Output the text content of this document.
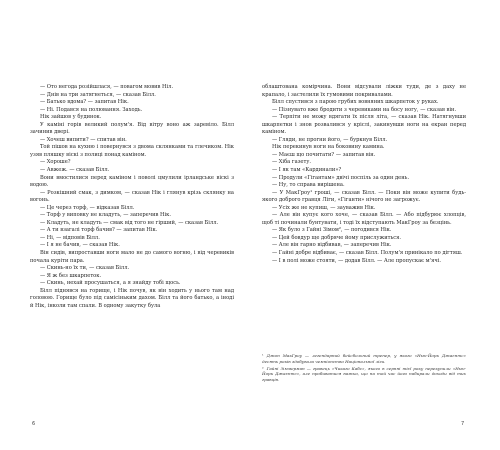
— Ото негода розійшлася, — повагом мовив Ніл.

— Днів на три затягнеться, — сказав Білл.

— Батько вдома? — запитав Нік.

— Ні. Подався на полювання. Заходь.

Нік зайшов у будинок.

У каміні горів великий полум'я. Від вітру воно аж заревіло. Білл зачинив двері.

— Хочеш випити? — спитав він.

Той пішов на кухню і повернувся з двома склянками та глечиком. Нік узяв пляшку віскі з полиці понад каміном.

— Хороше?

— Авжеж. — сказав Білл.

Вони вмостилися перед каміном і поволі цмулили ірландське віскі з водою.

— Розкішний смак, з димком, — сказав Нік і глянув крізь склянку на вогонь.

— Це через торф, — відказав Білл.

— Торф у виповку не кладуть, — заперечив Нік.

— Кладуть, не кладуть — смак від того не гірший, — сказав Білл.

— А ти взагалі торф бачив? — запитав Нік.

— Ні, — відповів Білл.

— І я не бачив, — сказав Нік.

Він сидів, випроставши ноги мало не до самого вогню, і від черевиків почала куріти пара.

— Скинь-но їх ти, — сказав Білл.

— Я ж без шкарпеток.

— Скинь, нехай просушаться, а я знайду тобі щось.

Білл піднявся на горище, і Нік почув, як він ходить у нього там над головою. Горище було під самісіньким дахом. Білл та його батько, а іноді й Нік, інколи там спали. В одному закутку була

облаштована комірчина. Вони відсували ліжки туди, де з даху не крапало, і застелили їх гумовими покривалами.

Білл спустився з парою грубих вовняних шкарпеток у руках.

— Пізнувато вже бродити з черевиками на босу ногу, — сказав він.

— Терпіти не можу вдягати їх після літа, — сказав Нік. Натягнувши шкарпетки і знов розвалився у кріслі, закинувши ноги на екран перед каміном.

— Гляди, не прогни його, — буркнув Білл.

Нік перекинув ноги на боковину камина.

— Маєш що почитати? — запитав він.

— Хіба газету.

— І як там «Кардинали»?

— Продули «Гігантам» двічі поспіль за один день.

— Ну, то справа вирішена.

— У МакГроу¹ гроші, — сказав Білл. — Поки він може купити будь-якого доброго гравця Ліги, «Гіганти» нічого не загрожує.

— Усіх же не купиш, — зауважив Нік.

— Але він купує кого хоче, — сказав Білл. — Або підбурює хлопців, щоб ті починали бунтувати, і тоді їх відступають МакГроу за безцінь.

— Як було з Гайні Зімом², — погодився Нік.

— Цей бовдур ще добряче йому прислужиться.

— Але він гарно відбивав, — заперечив Нік.

— Гайні добре відбиває, — сказав Білл. Полум'я принікало по дігтяш.

— І в полі може стояти, — додав Білл. — Але пропускає м'ячі.

¹ Джон МакГроу — легендарний бейсбольний тренер, у якого «Нью-Йорк Джаєнтс» десять років здобувала чемпіонство Національної ліги.

² Гайні Зіммерман — гравець «Чикаго Кабс», якого в серпні тієї року перекупили «Нью-Йорк Джаєнтс», але пробиватися важко, що на той час його набирали доходи від тих гравців.

6	7
